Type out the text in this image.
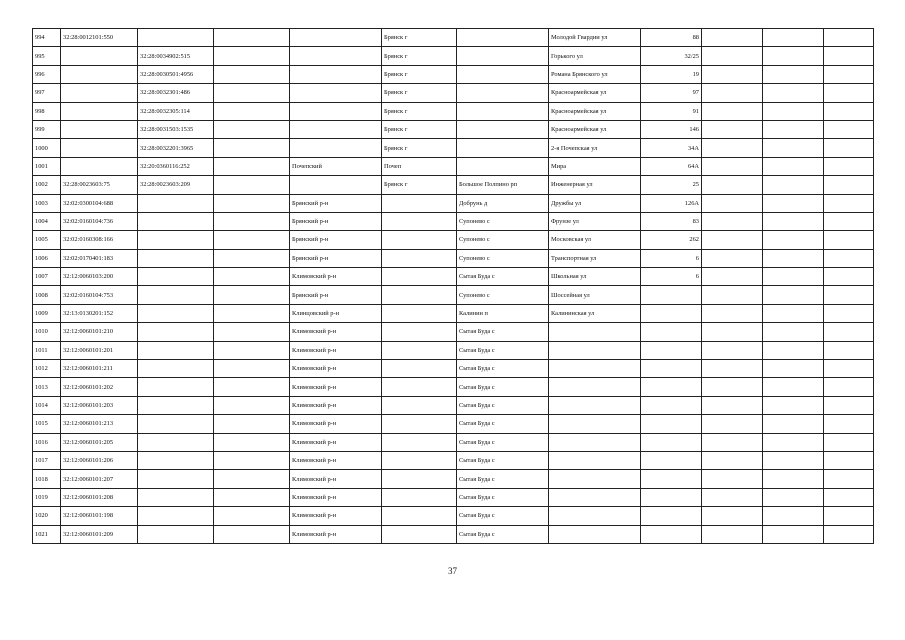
994	32:28:0012101:550				Брянск г		Молодой Гвардии ул	88			
995		32:28:0034902:515			Брянск г		Горького ул	32/25			
996		32:28:0030501:4956			Брянск г		Романа Брянского ул	19			
997		32:28:0032301:486			Брянск г		Красноармейская ул	97			
998		32:28:0032305:114			Брянск г		Красноармейская ул	91			
999		32:28:0031503:1535			Брянск г		Красноармейская ул	146			
1000		32:28:0032201:3965			Брянск г		2-я Почепская ул	34А			
1001		32:20:0360116:252		Почепский	Почеп		Мира	64А			
1002	32:28:0023603:75	32:28:0023603:209			Брянск г	Большое Полпино рп	Инженерная ул	25			
1003	32:02:0300104:688			Брянский р-н		Добрунь д	Дружбы ул	126А			
1004	32:02:0160104:736			Брянский р-н		Супонево с	Фрунзе ул	83			
1005	32:02:0160308:166			Брянский р-н		Супонево с	Московская ул	262			
1006	32:02:0170401:183			Брянский р-н		Супонево с	Транспортная ул	6			
1007	32:12:0060103:200			Климовский р-н		Сытая Буда с	Школьная ул	6			
1008	32:02:0160104:753			Брянский р-н		Супонево с	Шоссейная ул				
1009	32:13:0130201:152			Клинцовский р-н		Калинин п	Калининская ул				
1010	32:12:0060101:210			Климовский р-н		Сытая Буда с					
1011	32:12:0060101:201			Климовский р-н		Сытая Буда с					
1012	32:12:0060101:211			Климовский р-н		Сытая Буда с					
1013	32:12:0060101:202			Климовский р-н		Сытая Буда с					
1014	32:12:0060101:203			Климовский р-н		Сытая Буда с					
1015	32:12:0060101:213			Климовский р-н		Сытая Буда с					
1016	32:12:0060101:205			Климовский р-н		Сытая Буда с					
1017	32:12:0060101:206			Климовский р-н		Сытая Буда с					
1018	32:12:0060101:207			Климовский р-н		Сытая Буда с					
1019	32:12:0060101:208			Климовский р-н		Сытая Буда с					
1020	32:12:0060101:198			Климовский р-н		Сытая Буда с					
1021	32:12:0060101:209			Климовский р-н		Сытая Буда с					
37
